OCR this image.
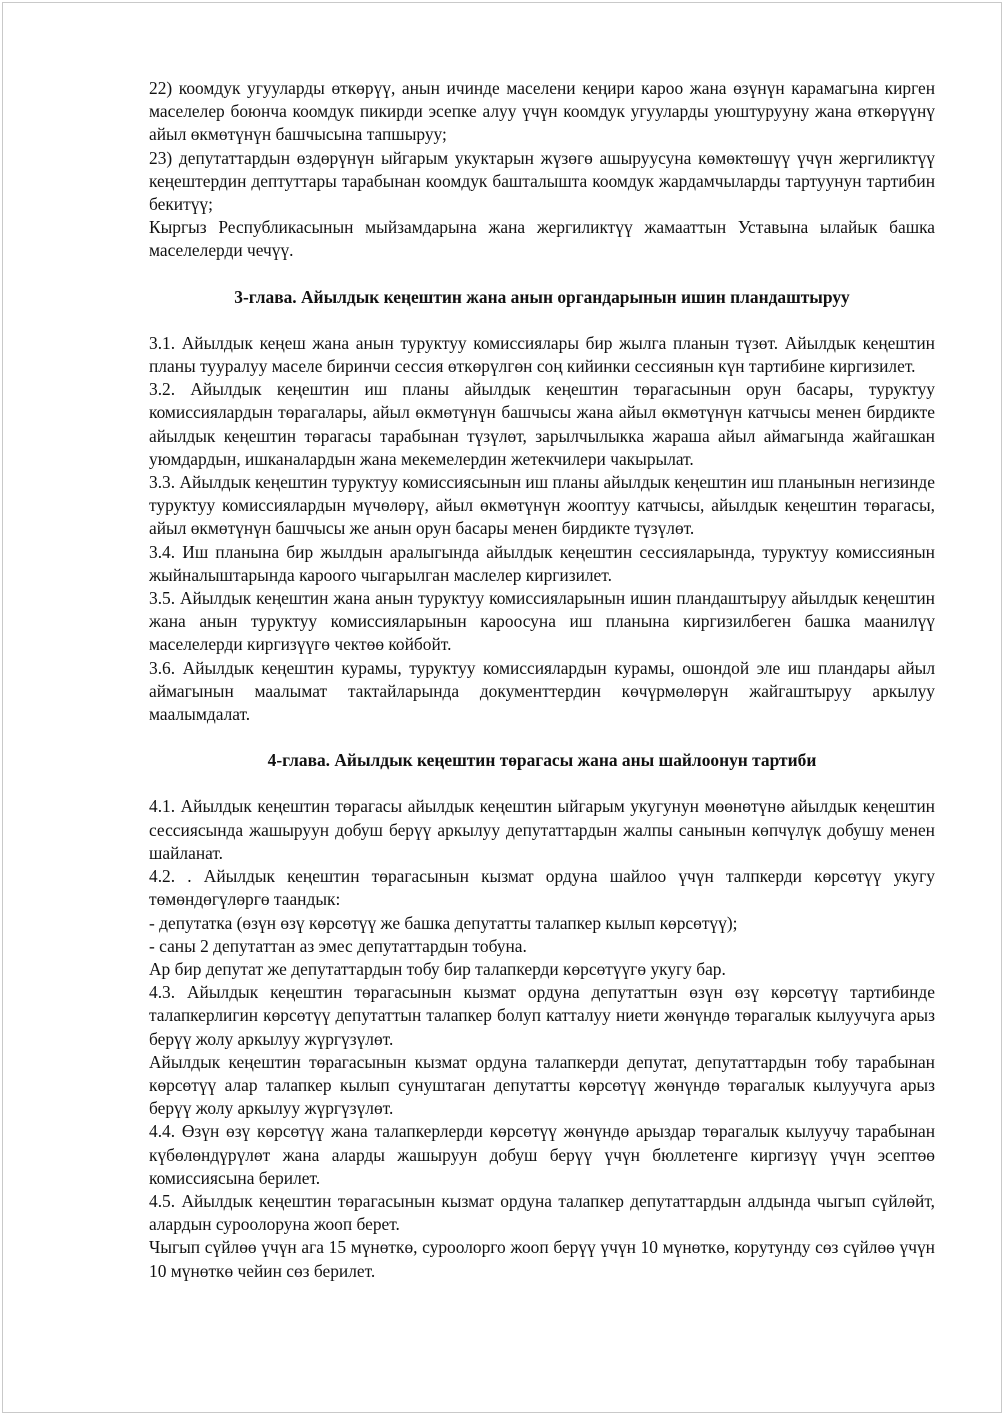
22) коомдук угууларды өткөрүү, анын ичинде маселени кеңири кароо жана өзүнүн карамагына кирген маселелер боюнча коомдук пикирди эсепке алуу үчүн коомдук угууларды уюштурууну жана өткөрүүнү айыл өкмөтүнүн башчысына тапшыруу;

23) депутаттардын өздөрүнүн ыйгарым укуктарын жүзөгө ашыруусуна көмөктөшүү үчүн жергиликтүү кеңештердин дептуттары тарабынан коомдук башталышта коомдук жардамчыларды тартуунун тартибин бекитүү;

Кыргыз Республикасынын мыйзамдарына жана жергиликтүү жамааттын Уставына ылайык башка маселелерди чечүү.

3-глава. Айылдык кеңештин жана анын органдарынын ишин пландаштыруу

3.1. Айылдык кеңеш жана анын туруктуу комиссиялары бир жылга планын түзөт. Айылдык кеңештин планы тууралуу маселе биринчи сессия өткөрүлгөн соң кийинки сессиянын күн тартибине киргизилет.

3.2. Айылдык кеңештин иш планы айылдык кеңештин төрагасынын орун басары, туруктуу комиссиялардын төрагалары, айыл өкмөтүнүн башчысы жана айыл өкмөтүнүн катчысы менен бирдикте айылдык кеңештин төрагасы тарабынан түзүлөт, зарылчылыкка жараша айыл аймагында жайгашкан уюмдардын, ишканалардын жана мекемелердин жетекчилери чакырылат.

3.3. Айылдык кеңештин туруктуу комиссиясынын иш планы айылдык кеңештин иш планынын негизинде туруктуу комиссиялардын мүчөлөрү, айыл өкмөтүнүн жооптуу катчысы, айылдык кеңештин төрагасы, айыл өкмөтүнүн башчысы же анын орун басары менен бирдикте түзүлөт.

3.4. Иш планына бир жылдын аралыгында айылдык кеңештин сессияларында, туруктуу комиссиянын жыйналыштарында кароого чыгарылган маслелер киргизилет.

3.5. Айылдык кеңештин жана анын туруктуу комиссияларынын ишин пландаштыруу айылдык кеңештин жана анын туруктуу комиссияларынын кароосуна иш планына киргизилбеген башка маанилүү маселелерди киргизүүгө чектөө койбойт.

3.6. Айылдык кеңештин курамы, туруктуу комиссиялардын курамы, ошондой эле иш пландары айыл аймагынын маалымат тактайларында документтердин көчүрмөлөрүн жайгаштыруу аркылуу маалымдалат.

4-глава. Айылдык кеңештин төрагасы жана аны шайлоонун тартиби

4.1. Айылдык кеңештин төрагасы айылдык кеңештин ыйгарым укугунун мөөнөтүнө айылдык кеңештин сессиясында жашыруун добуш берүү аркылуу депутаттардын жалпы санынын көпчүлүк добушу менен шайланат.

4.2. . Айылдык кеңештин төрагасынын кызмат ордуна шайлоо үчүн талпкерди көрсөтүү укугу төмөндөгүлөргө таандык:

- депутатка (өзүн өзү көрсөтүү же башка депутатты талапкер кылып көрсөтүү);

- саны 2 депутаттан аз эмес депутаттардын тобуна.

Ар бир депутат же депутаттардын тобу бир талапкерди көрсөтүүгө укугу бар.

4.3. Айылдык кеңештин төрагасынын кызмат ордуна депутаттын өзүн өзү көрсөтүү тартибинде талапкерлигин көрсөтүү депутаттын талапкер болуп катталуу ниети жөнүндө төрагалык кылуучуга арыз берүү жолу аркылуу жүргүзүлөт.

Айылдык кеңештин төрагасынын кызмат ордуна талапкерди депутат, депутаттардын тобу тарабынан көрсөтүү алар талапкер кылып сунуштаган депутатты көрсөтүү жөнүндө төрагалык кылуучуга арыз берүү жолу аркылуу жүргүзүлөт.

4.4. Өзүн өзү көрсөтүү жана талапкерлерди көрсөтүү жөнүндө арыздар төрагалык кылуучу тарабынан күбөлөндүрүлөт жана аларды жашыруун добуш берүү үчүн бюллетенге киргизүү үчүн эсептөө комиссиясына берилет.

4.5. Айылдык кеңештин төрагасынын кызмат ордуна талапкер депутаттардын алдында чыгып сүйлөйт, алардын суроолоруна жооп берет.

Чыгып сүйлөө үчүн ага 15 мүнөткө, суроолорго жооп берүү үчүн 10 мүнөткө, корутунду сөз сүйлөө үчүн 10 мүнөткө чейин сөз берилет.
